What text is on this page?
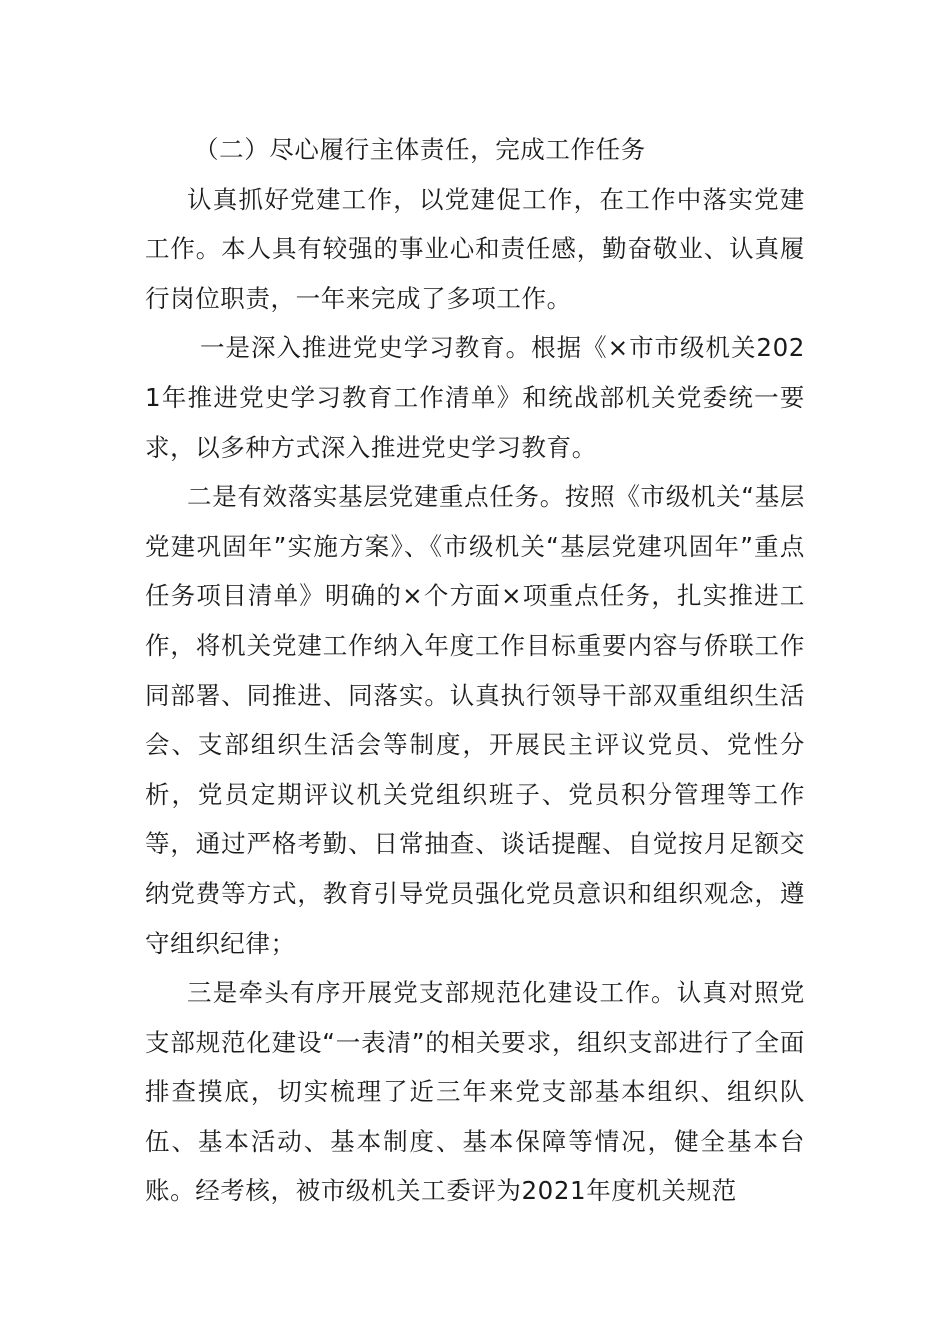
（二）尽心履行主体责任，完成工作任务

认真抓好党建工作，以党建促工作，在工作中落实党建工作。本人具有较强的事业心和责任感，勤奋敬业、认真履行岗位职责，一年来完成了多项工作。

一是深入推进党史学习教育。根据《×市市级机关2021年推进党史学习教育工作清单》和统战部机关党委统一要求，以多种方式深入推进党史学习教育。

二是有效落实基层党建重点任务。按照《市级机关“基层党建巩固年”实施方案》、《市级机关“基层党建巩固年”重点任务项目清单》明确的×个方面×项重点任务，扎实推进工作，将机关党建工作纳入年度工作目标重要内容与侨联工作同部署、同推进、同落实。认真执行领导干部双重组织生活会、支部组织生活会等制度，开展民主评议党员、党性分析，党员定期评议机关党组织班子、党员积分管理等工作等，通过严格考勤、日常抽查、谈话提醒、自觉按月足额交纳党费等方式，教育引导党员强化党员意识和组织观念，遵守组织纪律；

三是牵头有序开展党支部规范化建设工作。认真对照党支部规范化建设“一表清”的相关要求，组织支部进行了全面排查摸底，切实梳理了近三年来党支部基本组织、组织队伍、基本活动、基本制度、基本保障等情况，健全基本台账。经考核，被市级机关工委评为2021年度机关规范
